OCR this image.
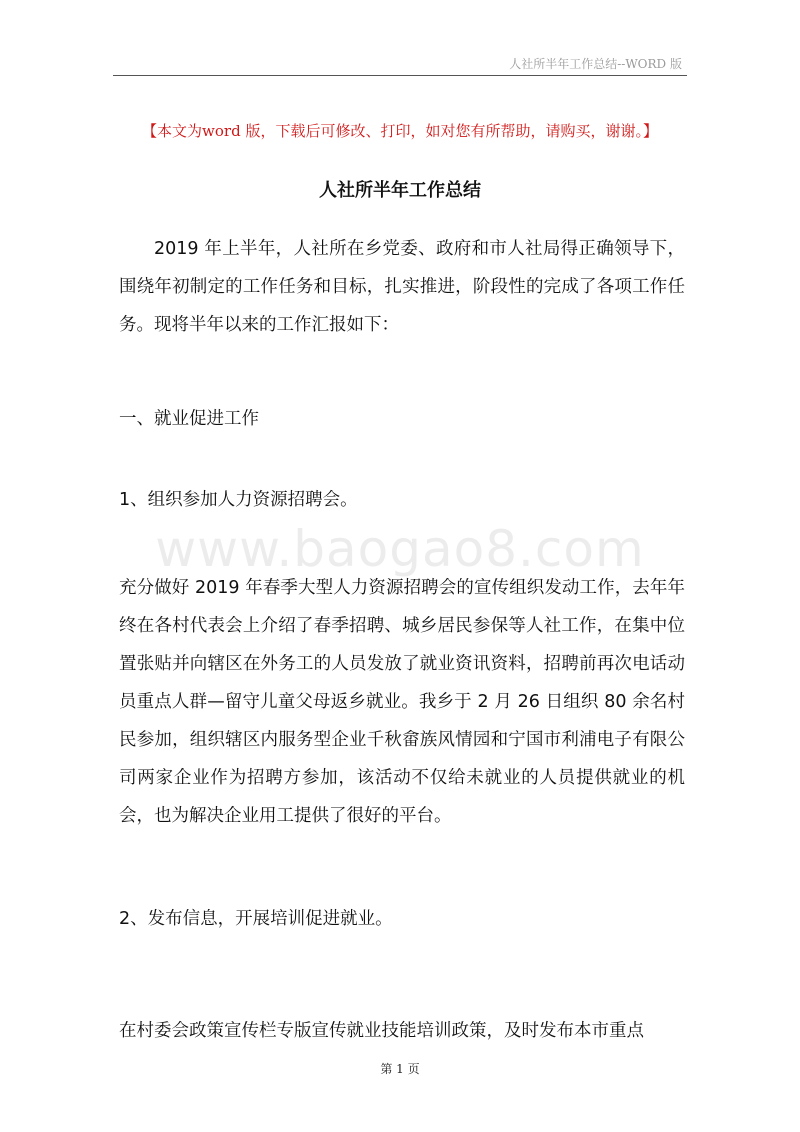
人社所半年工作总结--WORD 版
【本文为word 版，下载后可修改、打印，如对您有所帮助，请购买，谢谢。】
人社所半年工作总结
2019 年上半年，人社所在乡党委、政府和市人社局得正确领导下，围绕年初制定的工作任务和目标，扎实推进，阶段性的完成了各项工作任务。现将半年以来的工作汇报如下：
一、就业促进工作
1、组织参加人力资源招聘会。
www.baogao8.com
充分做好 2019 年春季大型人力资源招聘会的宣传组织发动工作，去年年终在各村代表会上介绍了春季招聘、城乡居民参保等人社工作，在集中位置张贴并向辖区在外务工的人员发放了就业资讯资料，招聘前再次电话动员重点人群—留守儿童父母返乡就业。我乡于 2 月 26 日组织 80 余名村民参加，组织辖区内服务型企业千秋畲族风情园和宁国市利浦电子有限公司两家企业作为招聘方参加，该活动不仅给未就业的人员提供就业的机会，也为解决企业用工提供了很好的平台。
2、发布信息，开展培训促进就业。
在村委会政策宣传栏专版宣传就业技能培训政策，及时发布本市重点
第 1 页
